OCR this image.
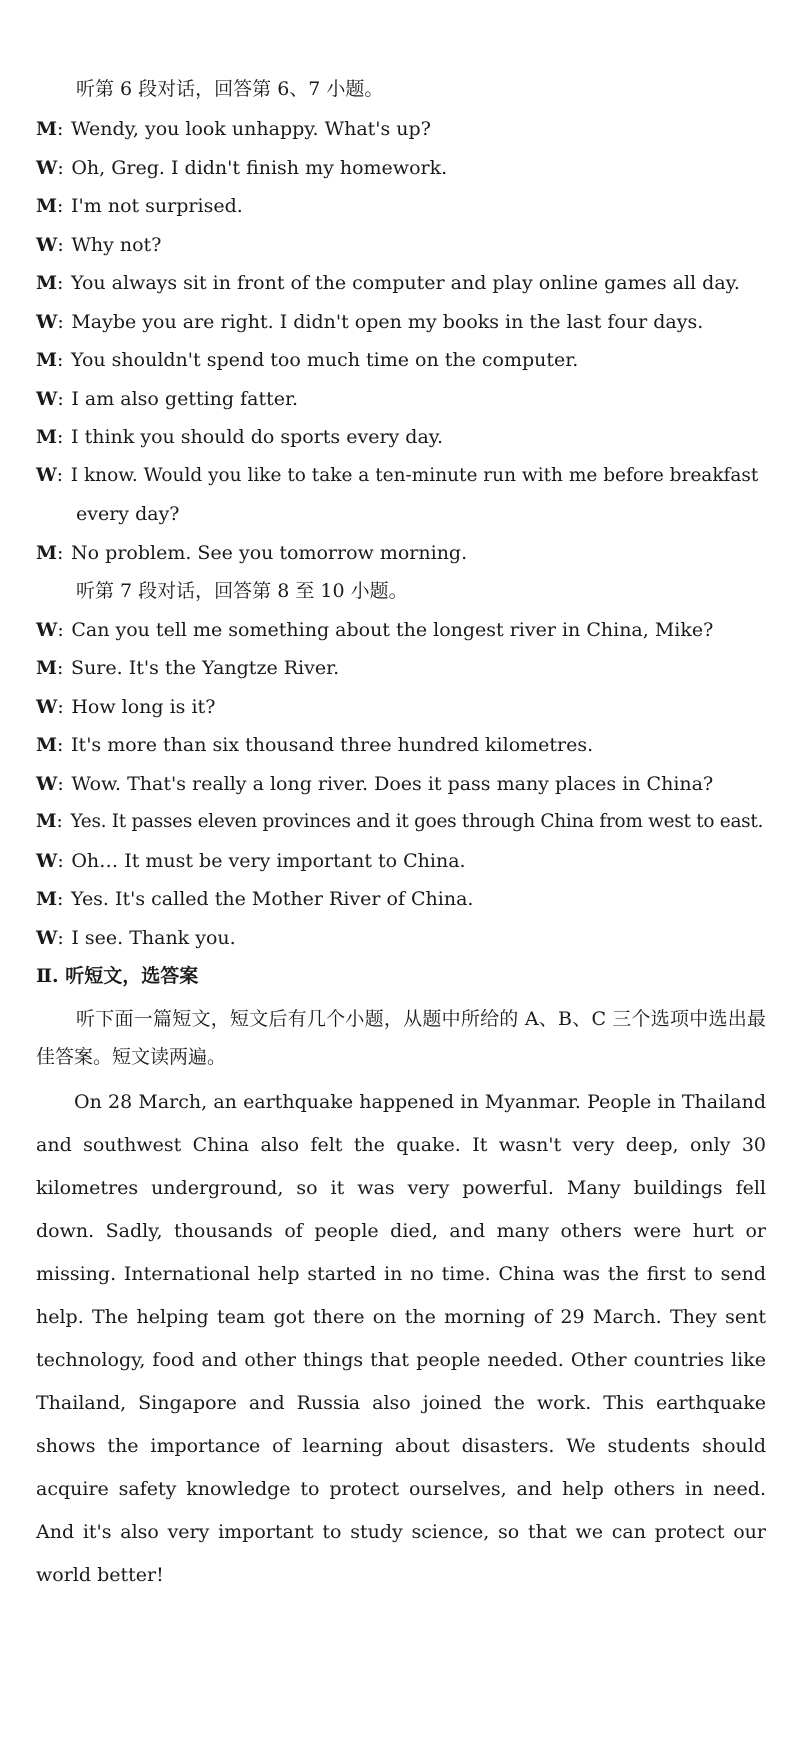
听第 6 段对话，回答第 6、7 小题。
M: Wendy, you look unhappy. What's up?
W: Oh, Greg. I didn't finish my homework.
M: I'm not surprised.
W: Why not?
M: You always sit in front of the computer and play online games all day.
W: Maybe you are right. I didn't open my books in the last four days.
M: You shouldn't spend too much time on the computer.
W: I am also getting fatter.
M: I think you should do sports every day.
W: I know. Would you like to take a ten-minute run with me before breakfast
every day?
M: No problem. See you tomorrow morning.
听第 7 段对话，回答第 8 至 10 小题。
W: Can you tell me something about the longest river in China, Mike?
M: Sure. It's the Yangtze River.
W: How long is it?
M: It's more than six thousand three hundred kilometres.
W: Wow. That's really a long river. Does it pass many places in China?
M: Yes. It passes eleven provinces and it goes through China from west to east.
W: Oh… It must be very important to China.
M: Yes. It's called the Mother River of China.
W: I see. Thank you.
Ⅱ. 听短文，选答案
听下面一篇短文，短文后有几个小题，从题中所给的 A、B、C 三个选项中选出最佳答案。短文读两遍。
On 28 March, an earthquake happened in Myanmar. People in Thailand and southwest China also felt the quake. It wasn't very deep, only 30 kilometres underground, so it was very powerful. Many buildings fell down. Sadly, thousands of people died, and many others were hurt or missing. International help started in no time. China was the first to send help. The helping team got there on the morning of 29 March. They sent technology, food and other things that people needed. Other countries like Thailand, Singapore and Russia also joined the work. This earthquake shows the importance of learning about disasters. We students should acquire safety knowledge to protect ourselves, and help others in need. And it's also very important to study science, so that we can protect our world better!
